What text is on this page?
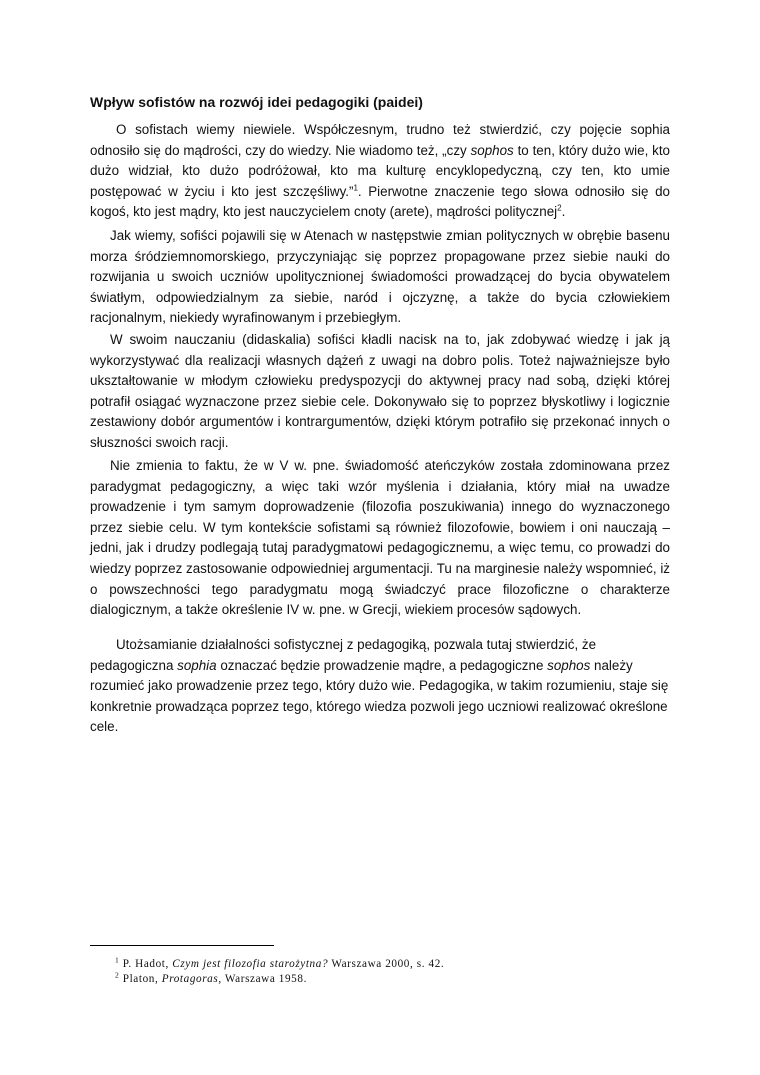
Wpływ sofistów na rozwój idei pedagogiki (paidei)

O sofistach wiemy niewiele. Współczesnym, trudno też stwierdzić, czy pojęcie sophia odnosiło się do mądrości, czy do wiedzy. Nie wiadomo też, „czy sophos to ten, który dużo wie, kto dużo widział, kto dużo podróżował, kto ma kulturę encyklopedyczną, czy ten, kto umie postępować w życiu i kto jest szczęśliwy.”$^1$. Pierwotne znaczenie tego słowa odnosiło się do kogoś, kto jest mądry, kto jest nauczycielem cnoty (arete), mądrości politycznej$^2$.

Jak wiemy, sofiści pojawili się w Atenach w następstwie zmian politycznych w obrębie basenu morza śródziemnomorskiego, przyczyniając się poprzez propagowane przez siebie nauki do rozwijania u swoich uczniów upolitycznionej świadomości prowadzącej do bycia obywatelem światłym, odpowiedzialnym za siebie, naród i ojczyznę, a także do bycia człowiekiem racjonalnym, niekiedy wyrafinowanym i przebiegłym.

W swoim nauczaniu (didaskalia) sofiści kładli nacisk na to, jak zdobywać wiedzę i jak ją wykorzystywać dla realizacji własnych dążeń z uwagi na dobro polis. Toteż najważniejsze było ukształtowanie w młodym człowieku predyspozycji do aktywnej pracy nad sobą, dzięki której potrafił osiągać wyznaczone przez siebie cele. Dokonywało się to poprzez błyskotliwy i logicznie zestawiony dobór argumentów i kontrargumentów, dzięki którym potrafiło się przekonać innych o słuszności swoich racji.

Nie zmienia to faktu, że w V w. pne. świadomość ateńczyków została zdominowana przez paradygmat pedagogiczny, a więc taki wzór myślenia i działania, który miał na uwadze prowadzenie i tym samym doprowadzenie (filozofia poszukiwania) innego do wyznaczonego przez siebie celu. W tym kontekście sofistami są również filozofowie, bowiem i oni nauczają – jedni, jak i drudzy podlegają tutaj paradygmatowi pedagogicznemu, a więc temu, co prowadzi do wiedzy poprzez zastosowanie odpowiedniej argumentacji. Tu na marginesie należy wspomnieć, iż o powszechności tego paradygmatu mogą świadczyć prace filozoficzne o charakterze dialogicznym, a także określenie IV w. pne. w Grecji, wiekiem procesów sądowych.

Utożsamianie działalności sofistycznej z pedagogiką, pozwala tutaj stwierdzić, że pedagogiczna sophia oznaczać będzie prowadzenie mądre, a pedagogiczne sophos należy rozumieć jako prowadzenie przez tego, który dużo wie. Pedagogika, w takim rozumieniu, staje się konkretnie prowadząca poprzez tego, którego wiedza pozwoli jego uczniowi realizować określone cele.

$^1$ P. Hadot, Czym jest filozofia starożytna? Warszawa 2000, s. 42.
$^2$ Platon, Protagoras, Warszawa 1958.
